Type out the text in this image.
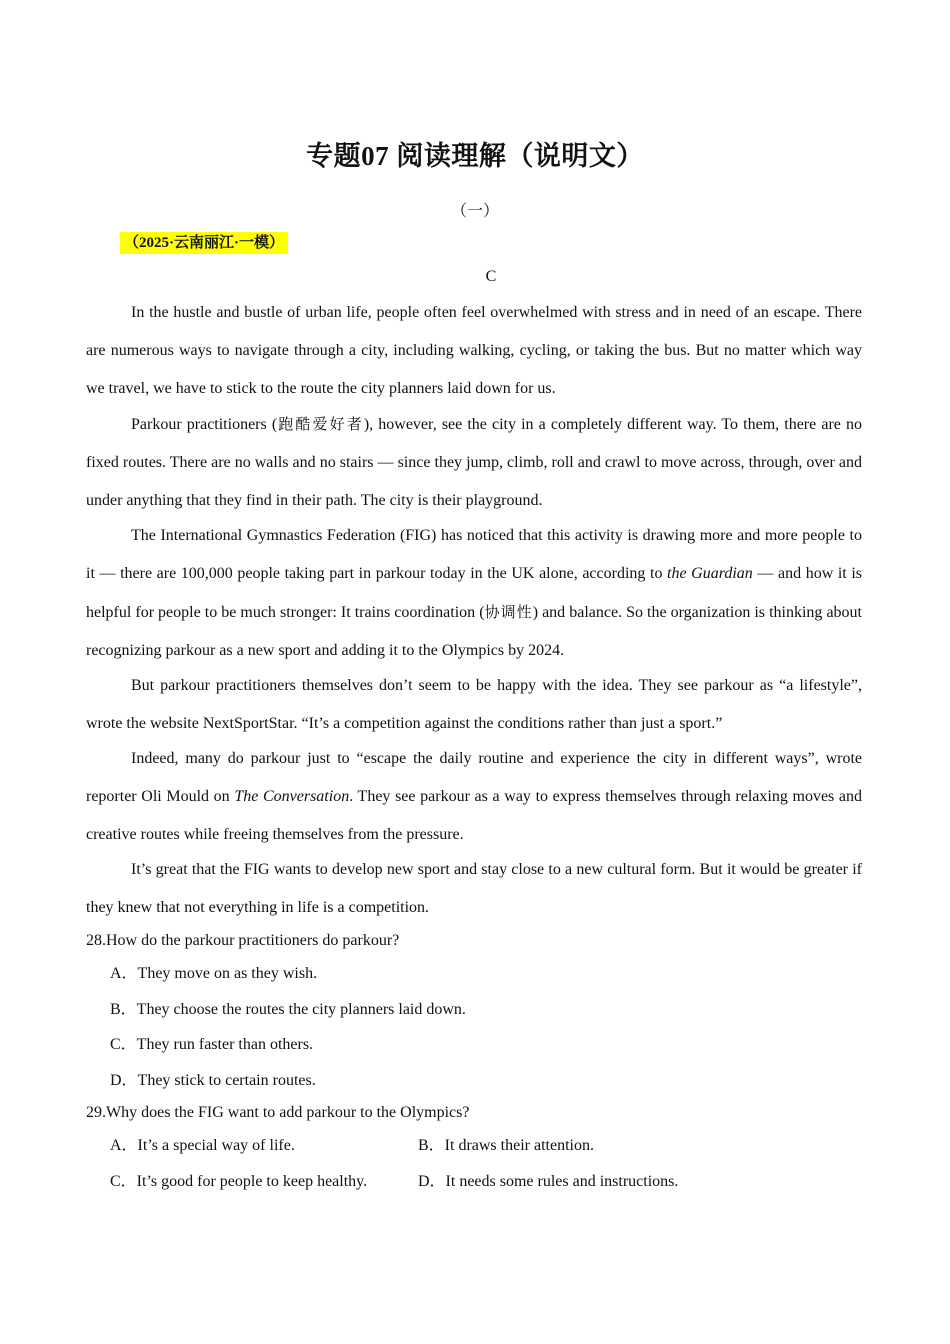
专题07 阅读理解（说明文）
（一）
（2025·云南丽江·一模）
C

In the hustle and bustle of urban life, people often feel overwhelmed with stress and in need of an escape. There are numerous ways to navigate through a city, including walking, cycling, or taking the bus. But no matter which way we travel, we have to stick to the route the city planners laid down for us.

Parkour practitioners (跑酷爱好者), however, see the city in a completely different way. To them, there are no fixed routes. There are no walls and no stairs — since they jump, climb, roll and crawl to move across, through, over and under anything that they find in their path. The city is their playground.

The International Gymnastics Federation (FIG) has noticed that this activity is drawing more and more people to it — there are 100,000 people taking part in parkour today in the UK alone, according to the Guardian — and how it is helpful for people to be much stronger: It trains coordination (协调性) and balance. So the organization is thinking about recognizing parkour as a new sport and adding it to the Olympics by 2024.

But parkour practitioners themselves don’t seem to be happy with the idea. They see parkour as “a lifestyle”, wrote the website NextSportStar. “It’s a competition against the conditions rather than just a sport.”

Indeed, many do parkour just to “escape the daily routine and experience the city in different ways”, wrote reporter Oli Mould on The Conversation. They see parkour as a way to express themselves through relaxing moves and creative routes while freeing themselves from the pressure.

It’s great that the FIG wants to develop new sport and stay close to a new cultural form. But it would be greater if they knew that not everything in life is a competition.

28.How do the parkour practitioners do parkour?
A．They move on as they wish.
B．They choose the routes the city planners laid down.
C．They run faster than others.
D．They stick to certain routes.
29.Why does the FIG want to add parkour to the Olympics?
A．It’s a special way of life.	B．It draws their attention.
C．It’s good for people to keep healthy.	D．It needs some rules and instructions.
